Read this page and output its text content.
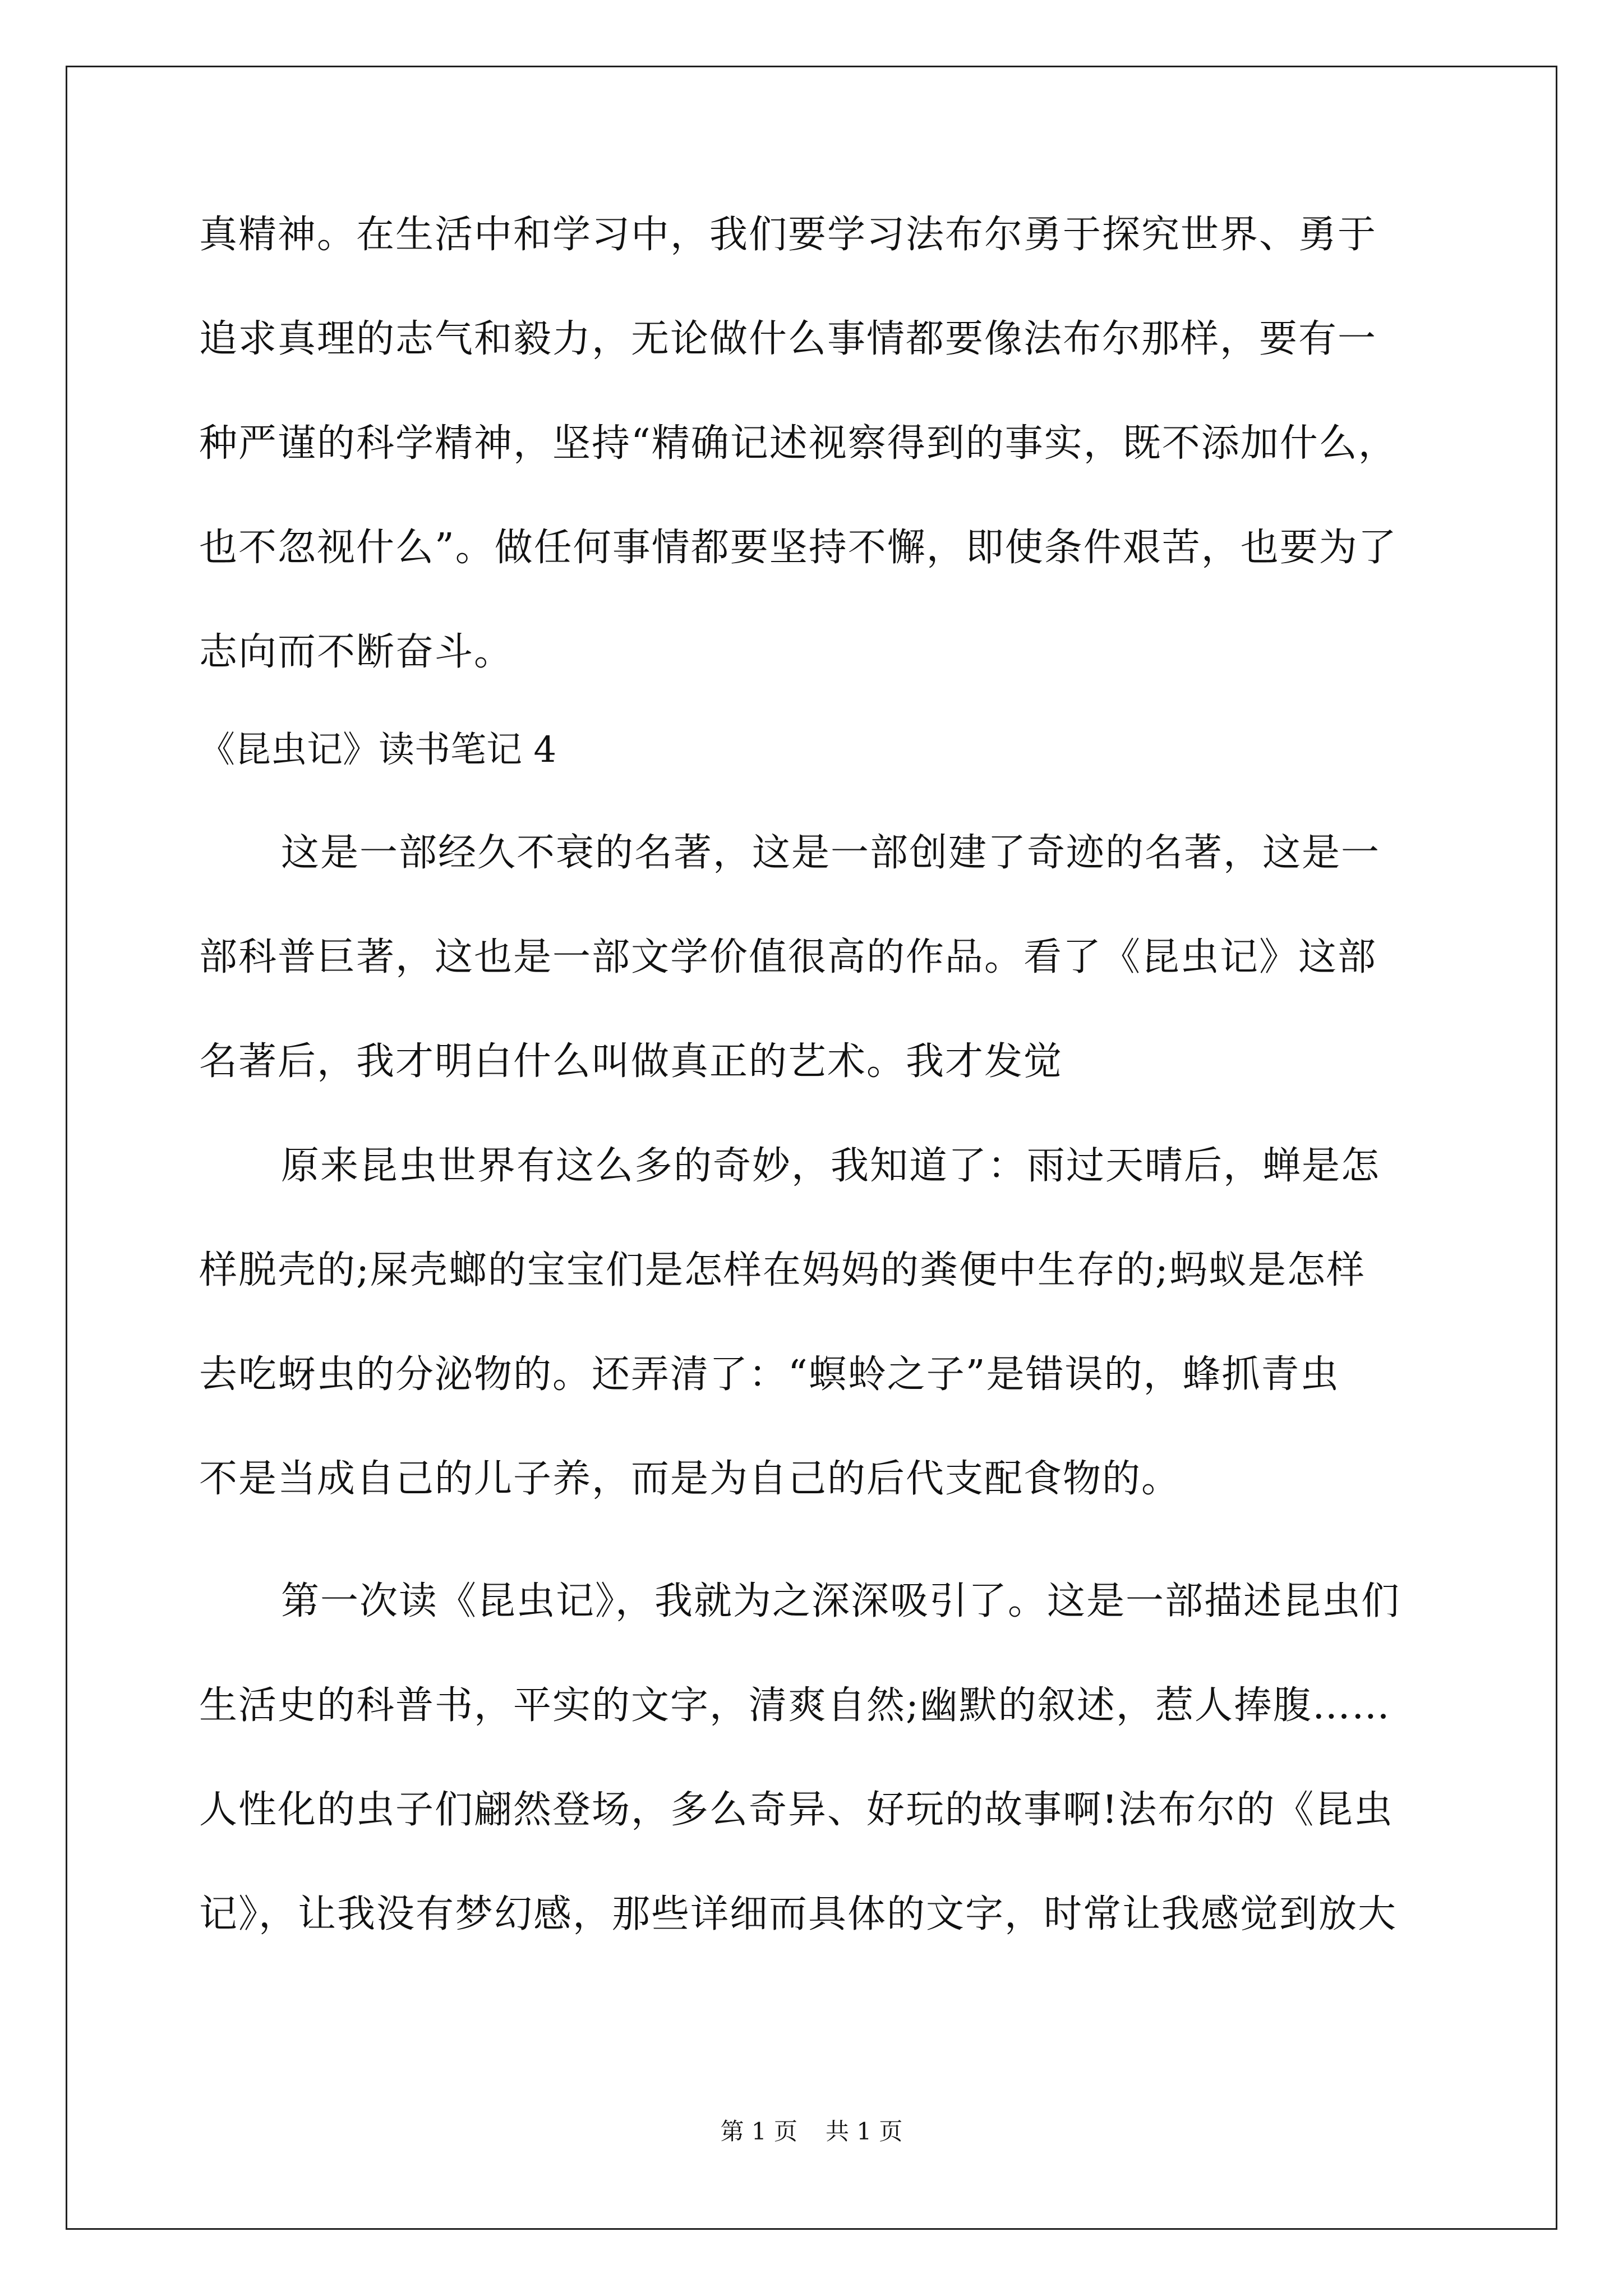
真精神。在生活中和学习中，我们要学习法布尔勇于探究世界、勇于
追求真理的志气和毅力，无论做什么事情都要像法布尔那样，要有一
种严谨的科学精神，坚持“精确记述视察得到的事实，既不添加什么，
也不忽视什么”。做任何事情都要坚持不懈，即使条件艰苦，也要为了
志向而不断奋斗。
《昆虫记》读书笔记 4
这是一部经久不衰的名著，这是一部创建了奇迹的名著，这是一
部科普巨著，这也是一部文学价值很高的作品。看了《昆虫记》这部
名著后，我才明白什么叫做真正的艺术。我才发觉
原来昆虫世界有这么多的奇妙，我知道了：雨过天晴后，蝉是怎
样脱壳的;屎壳螂的宝宝们是怎样在妈妈的粪便中生存的;蚂蚁是怎样
去吃蚜虫的分泌物的。还弄清了：“螟蛉之子”是错误的，蜂抓青虫
不是当成自己的儿子养，而是为自己的后代支配食物的。
第一次读《昆虫记》，我就为之深深吸引了。这是一部描述昆虫们
生活史的科普书，平实的文字，清爽自然;幽默的叙述，惹人捧腹……
人性化的虫子们翩然登场，多么奇异、好玩的故事啊!法布尔的《昆虫
记》，让我没有梦幻感，那些详细而具体的文字，时常让我感觉到放大
第 1 页 共 1 页
